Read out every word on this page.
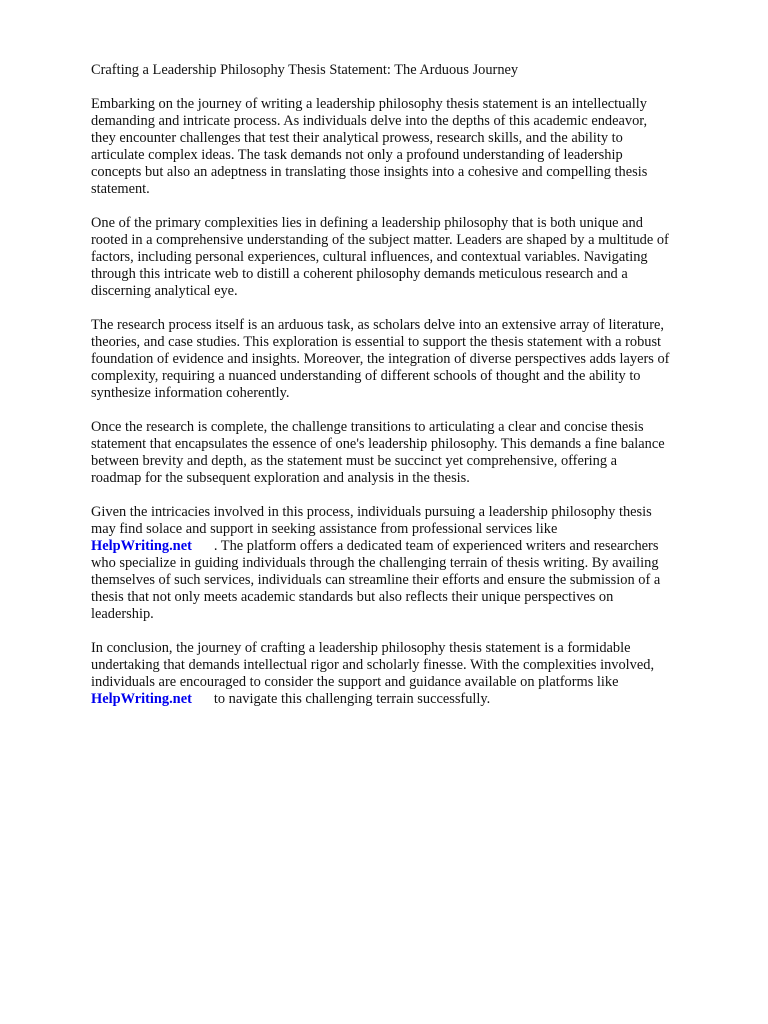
Crafting a Leadership Philosophy Thesis Statement: The Arduous Journey
Embarking on the journey of writing a leadership philosophy thesis statement is an intellectually
demanding and intricate process. As individuals delve into the depths of this academic endeavor,
they encounter challenges that test their analytical prowess, research skills, and the ability to
articulate complex ideas. The task demands not only a profound understanding of leadership
concepts but also an adeptness in translating those insights into a cohesive and compelling thesis
statement.
One of the primary complexities lies in defining a leadership philosophy that is both unique and
rooted in a comprehensive understanding of the subject matter. Leaders are shaped by a multitude of
factors, including personal experiences, cultural influences, and contextual variables. Navigating
through this intricate web to distill a coherent philosophy demands meticulous research and a
discerning analytical eye.
The research process itself is an arduous task, as scholars delve into an extensive array of literature,
theories, and case studies. This exploration is essential to support the thesis statement with a robust
foundation of evidence and insights. Moreover, the integration of diverse perspectives adds layers of
complexity, requiring a nuanced understanding of different schools of thought and the ability to
synthesize information coherently.
Once the research is complete, the challenge transitions to articulating a clear and concise thesis
statement that encapsulates the essence of one's leadership philosophy. This demands a fine balance
between brevity and depth, as the statement must be succinct yet comprehensive, offering a
roadmap for the subsequent exploration and analysis in the thesis.
Given the intricacies involved in this process, individuals pursuing a leadership philosophy thesis
may find solace and support in seeking assistance from professional services like
HelpWriting.net . The platform offers a dedicated team of experienced writers and researchers
who specialize in guiding individuals through the challenging terrain of thesis writing. By availing
themselves of such services, individuals can streamline their efforts and ensure the submission of a
thesis that not only meets academic standards but also reflects their unique perspectives on
leadership.
In conclusion, the journey of crafting a leadership philosophy thesis statement is a formidable
undertaking that demands intellectual rigor and scholarly finesse. With the complexities involved,
individuals are encouraged to consider the support and guidance available on platforms like
HelpWriting.net to navigate this challenging terrain successfully.
